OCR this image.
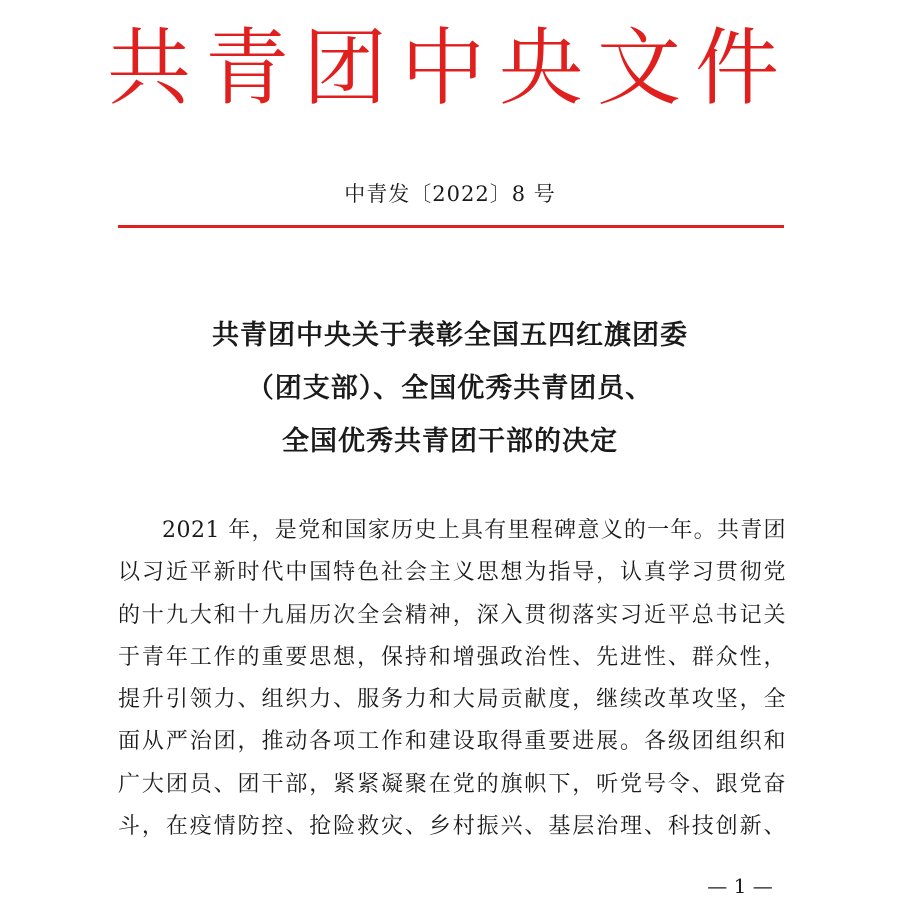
共青团中央文件
中青发〔2022〕8 号
共青团中央关于表彰全国五四红旗团委
（团支部）、全国优秀共青团员、
全国优秀共青团干部的决定
2021 年，是党和国家历史上具有里程碑意义的一年。共青团
以习近平新时代中国特色社会主义思想为指导，认真学习贯彻党
的十九大和十九届历次全会精神，深入贯彻落实习近平总书记关
于青年工作的重要思想，保持和增强政治性、先进性、群众性，
提升引领力、组织力、服务力和大局贡献度，继续改革攻坚，全
面从严治团，推动各项工作和建设取得重要进展。各级团组织和
广大团员、团干部，紧紧凝聚在党的旗帜下，听党号令、跟党奋
斗，在疫情防控、抢险救灾、乡村振兴、基层治理、科技创新、
— 1 —
